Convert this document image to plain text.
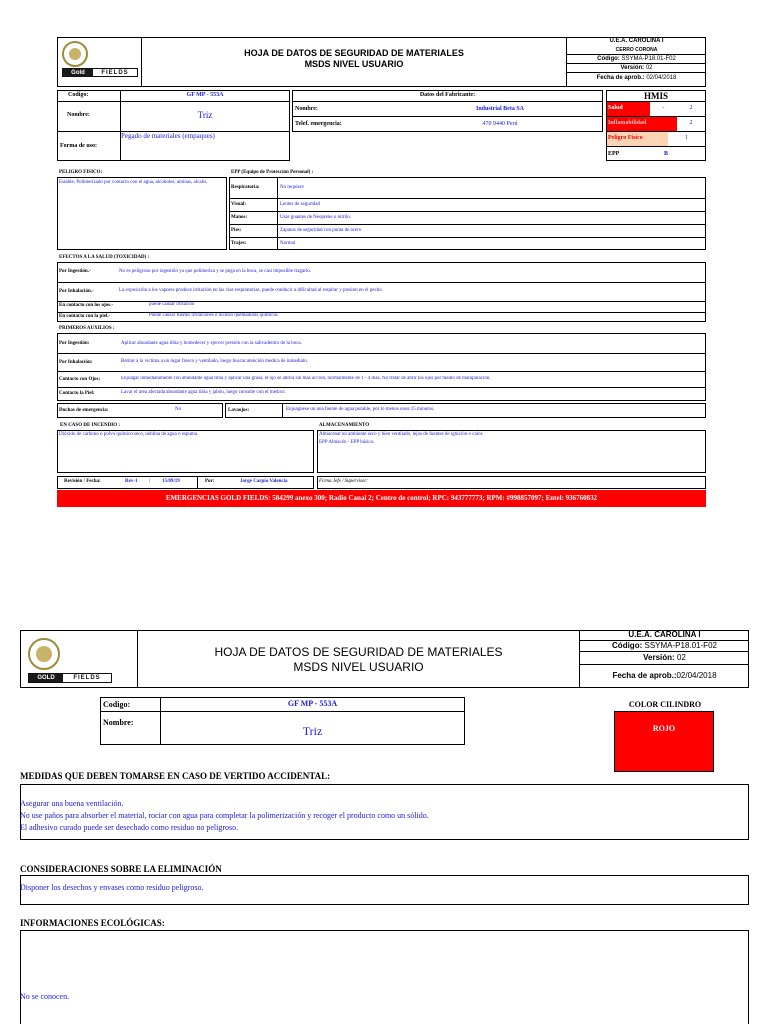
Gold	FIELDS
HOJA DE DATOS DE SEGURIDAD DE MATERIALES
MSDS NIVEL USUARIO
U.E.A. CAROLINA I
CERRO CORONA
Código: SSYMA-P18.01-F02
Versión: 02
Fecha de aprob.: 02/04/2018
Codigo:	GF MP - 553A
Nombre:	Triz
Forma de uso:
Pegado de materiales (empaques)
Datos del Fabricante:
Nombre:	Industrial Beta SA
Telef. emergencia:	470 9440 Perú
HMIS
Salud	-	2
Inflamabilidad	2
Peligro Físico	1
EPP	B
PELIGRO FISICO:
Estable. Polimerizado por contacto con el agua, alcoholes, aminas, alcalis.
EPP (Equipo de Protección Personal) :
Respiratoria:	No requiere
Visual:	Lentes de seguridad
Manos:	Usar guantes de Neoprene o nitrilo.
Pies:	Zapatos de seguridad con punta de acero
Trajes:	Normal
EFECTOS A LA SALUD (TOXICIDAD) :
Por Ingestión.-	No es peligroso por ingestión ya que polimeriza y se pega en la boca, se casi imposible tragarlo.
Por Inhalación.-	La exposición a los vapores produce irritación en las vías respiratorias, puede conducir a dificultad al respirar y presion en el pecho.
En contacto con los ojos.-	puede causar irritación
En contacto con la piel.-	Puede causar fuertes irritaciones e incluso quemaduras químicas
PRIMEROS AUXILIOS :
Por Ingestión:	Aplicar abundante agua tibia y humedecer y ejercer presión con la salivadentro de la boca.
Por Inhalación:	Retirar a la victima a un lugar fresco y ventilado, luego buscar atención medica de inmediato.
Contacto con Ojos:	Enjuagar inmediatamente con abundante agua tibia y aplicar una grasa, el ojo se abrira sin mas acción, normalmente de 1 - 4 días. No tratar de abrir los ojos por medio de manipulación.
Contacto la Piel:	Lavar el area afectada abundante agua tibia y jabón, luego consulte con el medico.
Duchas de emergencia:	No	Lavaojos:	Enjuaguese un una fuente de agua potable, por lo menos unos 15 minutos.
EN CASO DE INCENDIO :
Dióxido de carbono o polvo químico seco, neblina de agua o espuma.
ALMACENAMIENTO
Almacenar en ambiente seco y bien ventilado, lejos de fuentes de ignición o calor.
EPP Almacén - EPP básico.
Revisión / Fecha:	Rev-1 / 15/09/19	Por:	Jorge Carpio Valencia	Firma Jefe / Supervisor:
EMERGENCIAS GOLD FIELDS: 584299 anexo 300; Radio Canal 2; Centro de control; RPC: 943777773; RPM: #998857097; Entel: 936760832
GOLD	FIELDS
HOJA DE DATOS DE SEGURIDAD DE MATERIALES
MSDS NIVEL USUARIO
U.E.A. CAROLINA I
Código: SSYMA-P18.01-F02
Versión: 02
Fecha de aprob.:02/04/2018
Codigo:	GF MP - 553A
Nombre:
Triz
COLOR CILINDRO
ROJO
MEDIDAS QUE DEBEN TOMARSE EN CASO DE VERTIDO ACCIDENTAL:
Asegurar una buena ventilación.
No use paños para absorber el material, rociar con agua para completar la polimerización y recoger el producto como un sólido.
El adhesivo curado puede ser desechado como residuo no peligroso.
CONSIDERACIONES SOBRE LA ELIMINACIÓN
Disponer los desechos y envases como residuo peligroso.
INFORMACIONES ECOLÓGICAS:
No se conocen.
